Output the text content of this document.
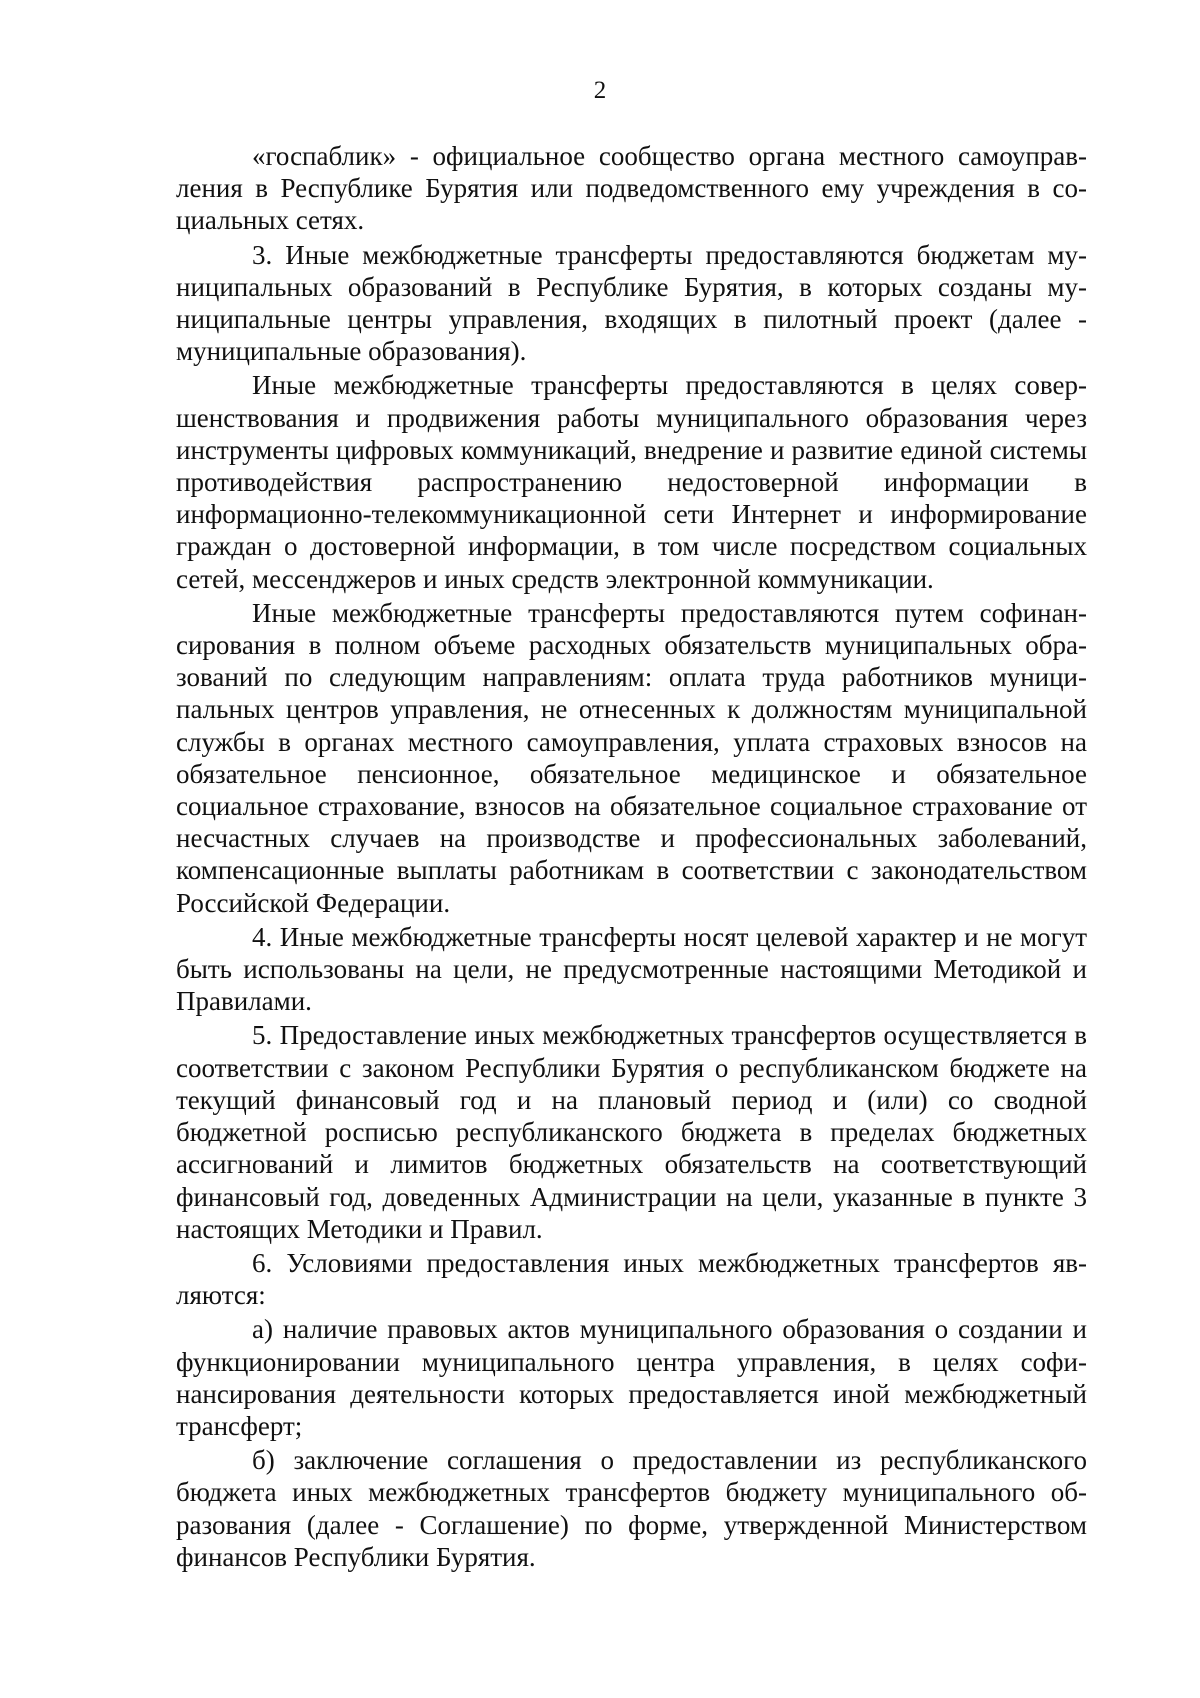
2

«госпаблик» - официальное сообщество органа местного самоуправления в Республике Бурятия или подведомственного ему учреждения в социальных сетях.

3. Иные межбюджетные трансферты предоставляются бюджетам муниципальных образований в Республике Бурятия, в которых созданы муниципальные центры управления, входящих в пилотный проект (далее - муниципальные образования).

Иные межбюджетные трансферты предоставляются в целях совершенствования и продвижения работы муниципального образования через инструменты цифровых коммуникаций, внедрение и развитие единой системы противодействия распространению недостоверной информации в информационно-телекоммуникационной сети Интернет и информирование граждан о достоверной информации, в том числе посредством социальных сетей, мессенджеров и иных средств электронной коммуникации.

Иные межбюджетные трансферты предоставляются путем софинансирования в полном объеме расходных обязательств муниципальных образований по следующим направлениям: оплата труда работников муниципальных центров управления, не отнесенных к должностям муниципальной службы в органах местного самоуправления, уплата страховых взносов на обязательное пенсионное, обязательное медицинское и обязательное социальное страхование, взносов на обязательное социальное страхование от несчастных случаев на производстве и профессиональных заболеваний, компенсационные выплаты работникам в соответствии с законодательством Российской Федерации.

4. Иные межбюджетные трансферты носят целевой характер и не могут быть использованы на цели, не предусмотренные настоящими Методикой и Правилами.

5. Предоставление иных межбюджетных трансфертов осуществляется в соответствии с законом Республики Бурятия о республиканском бюджете на текущий финансовый год и на плановый период и (или) со сводной бюджетной росписью республиканского бюджета в пределах бюджетных ассигнований и лимитов бюджетных обязательств на соответствующий финансовый год, доведенных Администрации на цели, указанные в пункте 3 настоящих Методики и Правил.

6. Условиями предоставления иных межбюджетных трансфертов являются:

а) наличие правовых актов муниципального образования о создании и функционировании муниципального центра управления, в целях софинансирования деятельности которых предоставляется иной межбюджетный трансферт;

б) заключение соглашения о предоставлении из республиканского бюджета иных межбюджетных трансфертов бюджету муниципального образования (далее - Соглашение) по форме, утвержденной Министерством финансов Республики Бурятия.
